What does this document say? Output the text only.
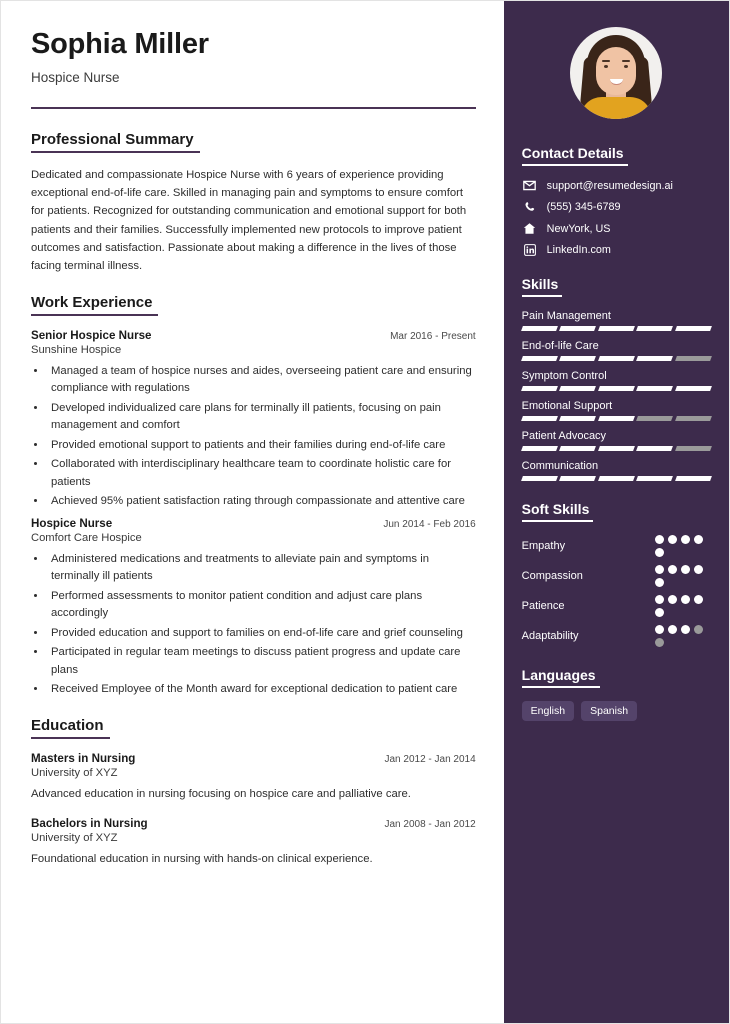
Sophia Miller
Hospice Nurse
Professional Summary
Dedicated and compassionate Hospice Nurse with 6 years of experience providing exceptional end-of-life care. Skilled in managing pain and symptoms to ensure comfort for patients. Recognized for outstanding communication and emotional support for both patients and their families. Successfully implemented new protocols to improve patient outcomes and satisfaction. Passionate about making a difference in the lives of those facing terminal illness.
Work Experience
Senior Hospice Nurse	Mar 2016 - Present
Sunshine Hospice
• Managed a team of hospice nurses and aides, overseeing patient care and ensuring compliance with regulations
• Developed individualized care plans for terminally ill patients, focusing on pain management and comfort
• Provided emotional support to patients and their families during end-of-life care
• Collaborated with interdisciplinary healthcare team to coordinate holistic care for patients
• Achieved 95% patient satisfaction rating through compassionate and attentive care
Hospice Nurse	Jun 2014 - Feb 2016
Comfort Care Hospice
• Administered medications and treatments to alleviate pain and symptoms in terminally ill patients
• Performed assessments to monitor patient condition and adjust care plans accordingly
• Provided education and support to families on end-of-life care and grief counseling
• Participated in regular team meetings to discuss patient progress and update care plans
• Received Employee of the Month award for exceptional dedication to patient care
Education
Masters in Nursing	Jan 2012 - Jan 2014
University of XYZ
Advanced education in nursing focusing on hospice care and palliative care.
Bachelors in Nursing	Jan 2008 - Jan 2012
University of XYZ
Foundational education in nursing with hands-on clinical experience.
Contact Details
support@resumedesign.ai
(555) 345-6789
NewYork, US
LinkedIn.com
Skills
Pain Management
End-of-life Care
Symptom Control
Emotional Support
Patient Advocacy
Communication
Soft Skills
Empathy
Compassion
Patience
Adaptability
Languages
English	Spanish
